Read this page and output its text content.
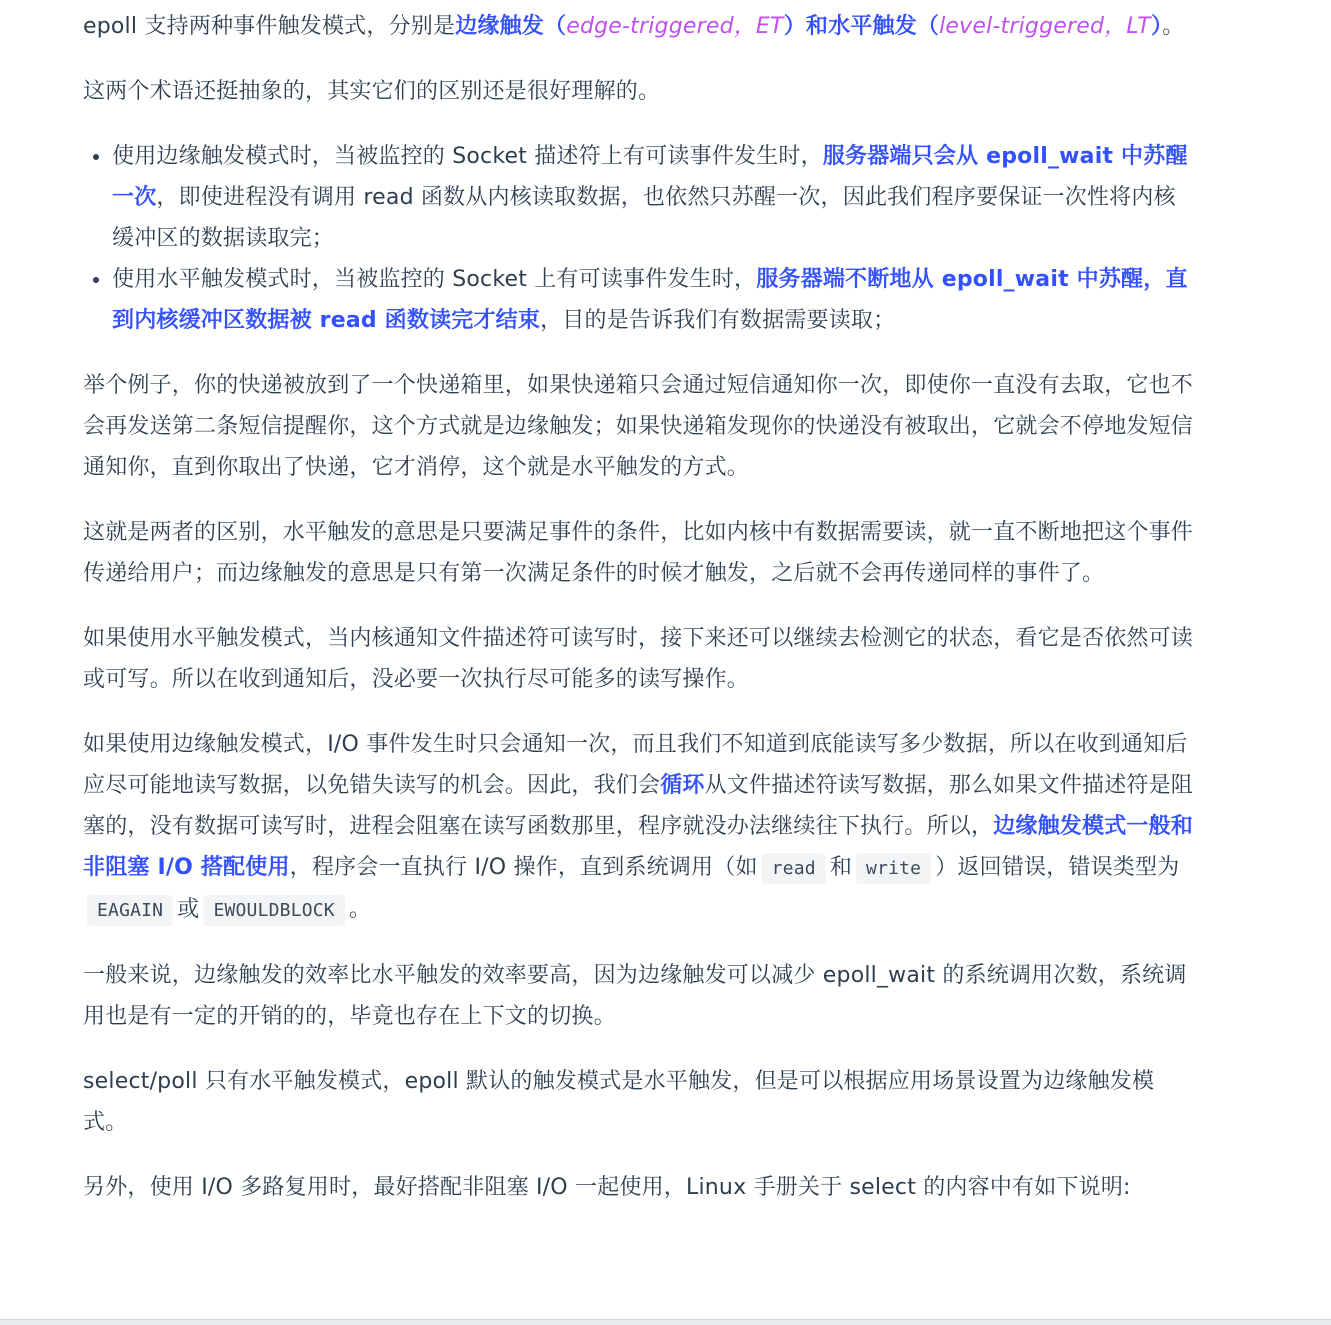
epoll 支持两种事件触发模式，分别是边缘触发（edge-triggered，ET）和水平触发（level-triggered，LT）。

这两个术语还挺抽象的，其实它们的区别还是很好理解的。

• 使用边缘触发模式时，当被监控的 Socket 描述符上有可读事件发生时，服务器端只会从 epoll_wait 中苏醒一次，即使进程没有调用 read 函数从内核读取数据，也依然只苏醒一次，因此我们程序要保证一次性将内核缓冲区的数据读取完；
• 使用水平触发模式时，当被监控的 Socket 上有可读事件发生时，服务器端不断地从 epoll_wait 中苏醒，直到内核缓冲区数据被 read 函数读完才结束，目的是告诉我们有数据需要读取；

举个例子，你的快递被放到了一个快递箱里，如果快递箱只会通过短信通知你一次，即使你一直没有去取，它也不会再发送第二条短信提醒你，这个方式就是边缘触发；如果快递箱发现你的快递没有被取出，它就会不停地发短信通知你，直到你取出了快递，它才消停，这个就是水平触发的方式。

这就是两者的区别，水平触发的意思是只要满足事件的条件，比如内核中有数据需要读，就一直不断地把这个事件传递给用户；而边缘触发的意思是只有第一次满足条件的时候才触发，之后就不会再传递同样的事件了。

如果使用水平触发模式，当内核通知文件描述符可读写时，接下来还可以继续去检测它的状态，看它是否依然可读或可写。所以在收到通知后，没必要一次执行尽可能多的读写操作。

如果使用边缘触发模式，I/O 事件发生时只会通知一次，而且我们不知道到底能读写多少数据，所以在收到通知后应尽可能地读写数据，以免错失读写的机会。因此，我们会循环从文件描述符读写数据，那么如果文件描述符是阻塞的，没有数据可读写时，进程会阻塞在读写函数那里，程序就没办法继续往下执行。所以，边缘触发模式一般和非阻塞 I/O 搭配使用，程序会一直执行 I/O 操作，直到系统调用（如 read 和 write ）返回错误，错误类型为EAGAIN 或 EWOULDBLOCK 。

一般来说，边缘触发的效率比水平触发的效率要高，因为边缘触发可以减少 epoll_wait 的系统调用次数，系统调用也是有一定的开销的的，毕竟也存在上下文的切换。

select/poll 只有水平触发模式，epoll 默认的触发模式是水平触发，但是可以根据应用场景设置为边缘触发模式。

另外，使用 I/O 多路复用时，最好搭配非阻塞 I/O 一起使用，Linux 手册关于 select 的内容中有如下说明:
